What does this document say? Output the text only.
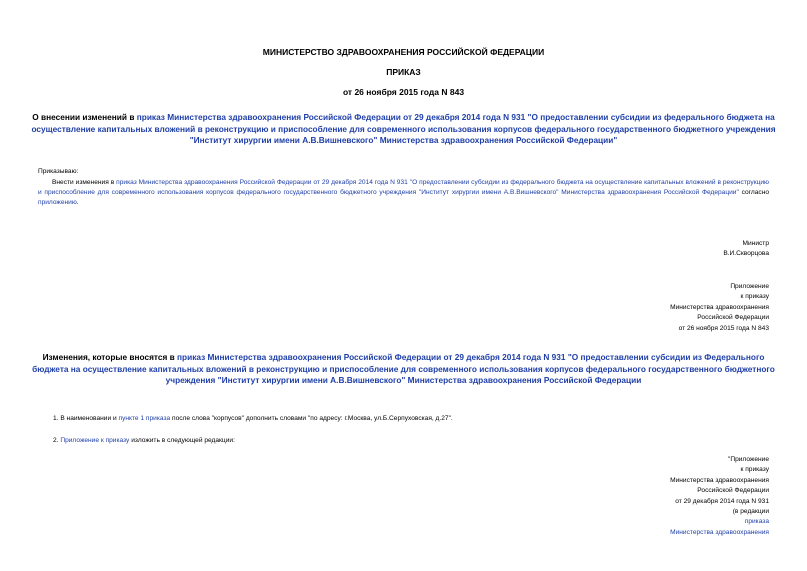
МИНИСТЕРСТВО ЗДРАВООХРАНЕНИЯ РОССИЙСКОЙ ФЕДЕРАЦИИ
ПРИКАЗ
от 26 ноября 2015 года N 843
О внесении изменений в приказ Министерства здравоохранения Российской Федерации от 29 декабря 2014 года N 931 "О предоставлении субсидии из федерального бюджета на осуществление капитальных вложений в реконструкцию и приспособление для современного использования корпусов федерального государственного бюджетного учреждения "Институт хирургии имени А.В.Вишневского" Министерства здравоохранения Российской Федерации"
Приказываю:
Внести изменения в приказ Министерства здравоохранения Российской Федерации от 29 декабря 2014 года N 931 "О предоставлении субсидии из федерального бюджета на осуществление капитальных вложений в реконструкцию и приспособление для современного использования корпусов федерального государственного бюджетного учреждения "Институт хирургии имени А.В.Вишневского" Министерства здравоохранения Российской Федерации" согласно приложению.
Министр
В.И.Скворцова
Приложение
к приказу
Министерства здравоохранения
Российской Федерации
от 26 ноября 2015 года N 843
Изменения, которые вносятся в приказ Министерства здравоохранения Российской Федерации от 29 декабря 2014 года N 931 "О предоставлении субсидии из Федерального бюджета на осуществление капитальных вложений в реконструкцию и приспособление для современного использования корпусов федерального государственного бюджетного учреждения "Институт хирургии имени А.В.Вишневского" Министерства здравоохранения Российской Федерации
1. В наименовании и пункте 1 приказа после слова "корпусов" дополнить словами "по адресу: г.Москва, ул.Б.Серпуховская, д.27".
2. Приложение к приказу изложить в следующей редакции:
"Приложение
к приказу
Министерства здравоохранения
Российской Федерации
от 29 декабря 2014 года N 931
(в редакции
приказа
Министерства здравоохранения
